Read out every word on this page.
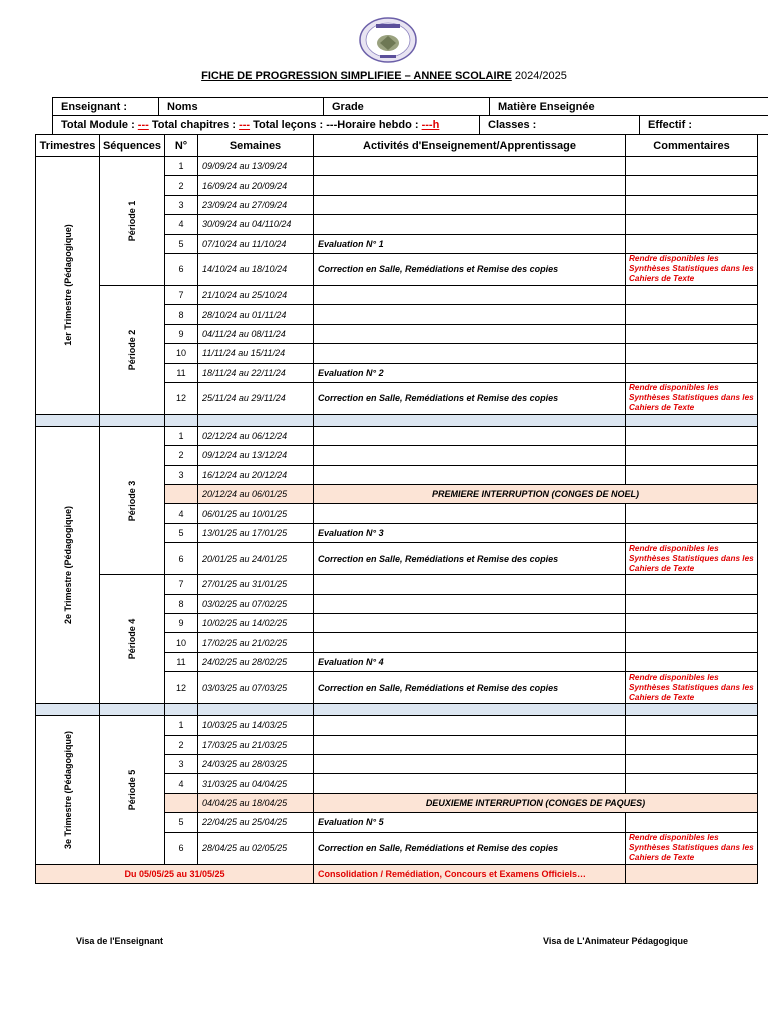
FICHE DE PROGRESSION SIMPLIFIEE – ANNEE SCOLAIRE 2024/2025
Enseignant :	Noms	Grade	Matière Enseignée
Total Module : --- Total chapitres : --- Total leçons : ---Horaire hebdo : ---h	Classes :	Effectif :
Trimestres	Séquences	N°	Semaines	Activités d'Enseignement/Apprentissage	Commentaires

1er Trimestre (Pédagogique)	Période 1	1	09/09/24 au 13/09/24		
		2	16/09/24 au 20/09/24		
		3	23/09/24 au 27/09/24		
		4	30/09/24 au 04/110/24		
		5	07/10/24 au 11/10/24	Evaluation N° 1	
		6	14/10/24 au 18/10/24	Correction en Salle, Remédiations et Remise des copies	Rendre disponibles les Synthèses Statistiques dans les Cahiers de Texte

	Période 2	7	21/10/24 au 25/10/24		
		8	28/10/24 au 01/11/24		
		9	04/11/24 au 08/11/24		
		10	11/11/24 au 15/11/24		
		11	18/11/24 au 22/11/24	Evaluation N° 2	
		12	25/11/24 au 29/11/24	Correction en Salle, Remédiations et Remise des copies	Rendre disponibles les Synthèses Statistiques dans les Cahiers de Texte

2e Trimestre (Pédagogique)	Période 3	1	02/12/24 au 06/12/24		
		2	09/12/24 au 13/12/24		
		3	16/12/24 au 20/12/24		
			20/12/24 au 06/01/25	PREMIERE INTERRUPTION (CONGES DE NOEL)	
		4	06/01/25 au 10/01/25		
		5	13/01/25 au 17/01/25	Evaluation N° 3	
		6	20/01/25 au 24/01/25	Correction en Salle, Remédiations et Remise des copies	Rendre disponibles les Synthèses Statistiques dans les Cahiers de Texte

	Période 4	7	27/01/25 au 31/01/25		
		8	03/02/25 au 07/02/25		
		9	10/02/25 au 14/02/25		
		10	17/02/25 au 21/02/25		
		11	24/02/25 au 28/02/25	Evaluation N° 4	
		12	03/03/25 au 07/03/25	Correction en Salle, Remédiations et Remise des copies	Rendre disponibles les Synthèses Statistiques dans les Cahiers de Texte

3e Trimestre (Pédagogique)	Période 5	1	10/03/25 au 14/03/25		
		2	17/03/25 au 21/03/25		
		3	24/03/25 au 28/03/25		
		4	31/03/25 au 04/04/25		
			04/04/25 au 18/04/25	DEUXIEME INTERRUPTION (CONGES DE PAQUES)	
		5	22/04/25 au 25/04/25	Evaluation N° 5	
		6	28/04/25 au 02/05/25	Correction en Salle, Remédiations et Remise des copies	Rendre disponibles les Synthèses Statistiques dans les Cahiers de Texte
Du 05/05/25 au 31/05/25				Consolidation / Remédiation, Concours et Examens Officiels…	
Visa de l'Enseignant	Visa de L'Animateur Pédagogique
